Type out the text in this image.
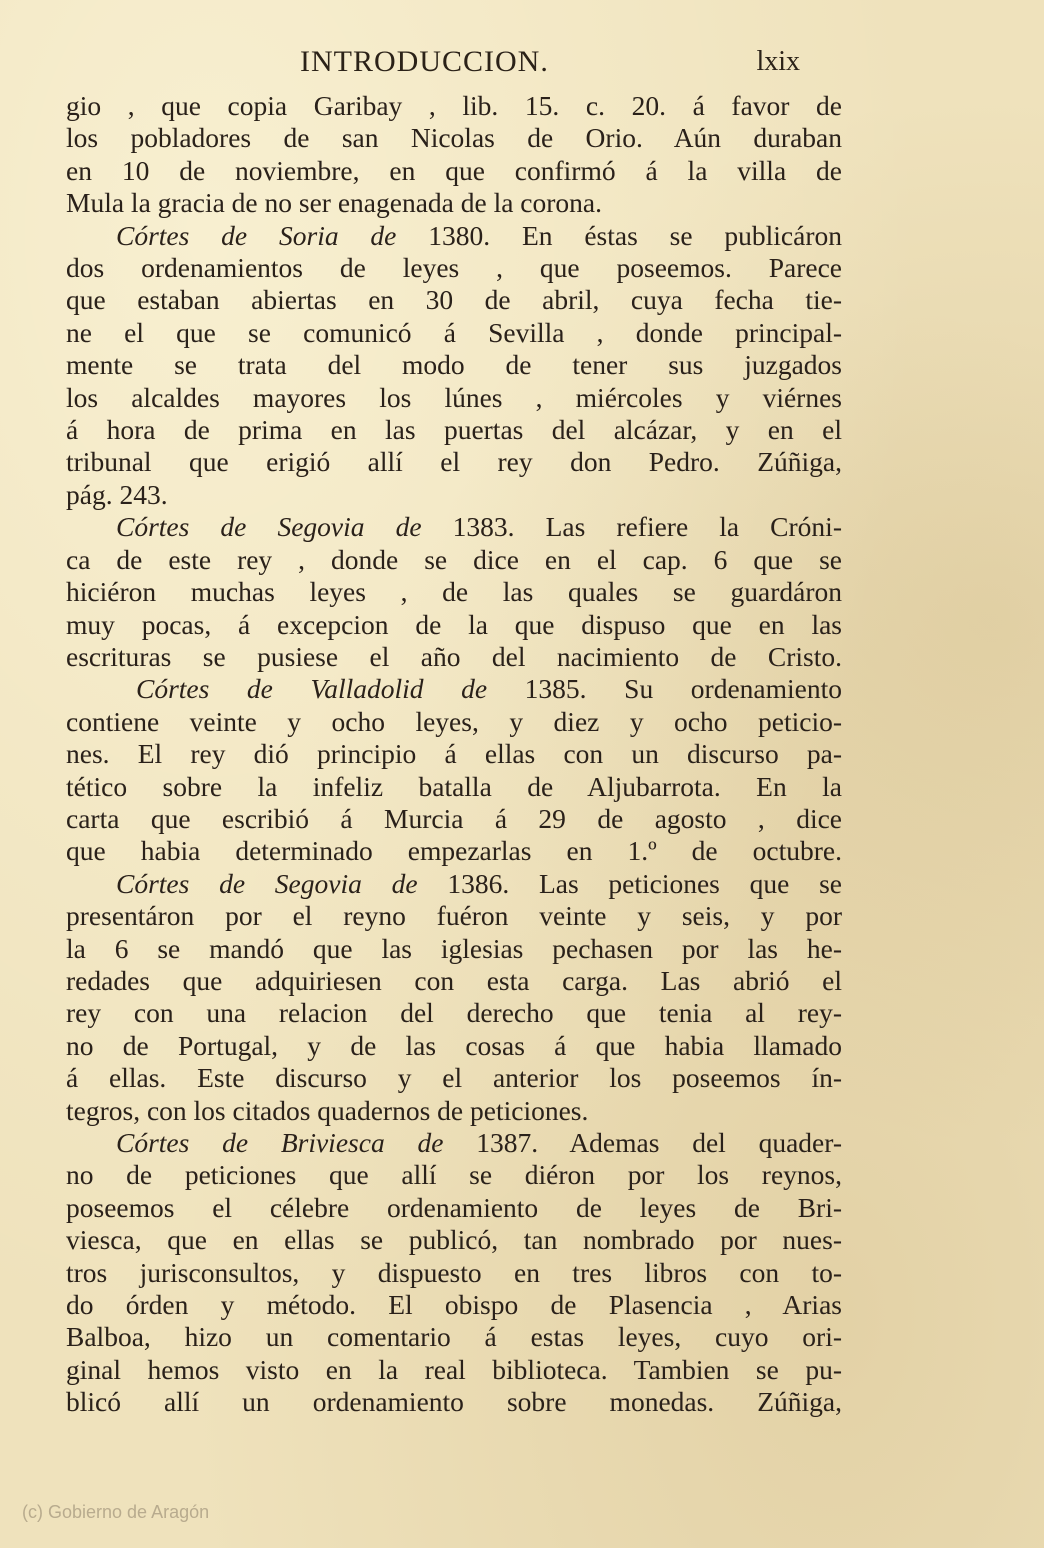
INTRODUCCION.	lxix
gio , que copia Garibay , lib. 15. c. 20. á favor de
los pobladores de san Nicolas de Orio. Aún duraban
en 10 de noviembre, en que confirmó á la villa de
Mula la gracia de no ser enagenada de la corona.
Córtes de Soria de 1380. En éstas se publicáron
dos ordenamientos de leyes , que poseemos. Parece
que estaban abiertas en 30 de abril, cuya fecha tie-
ne el que se comunicó á Sevilla , donde principal-
mente se trata del modo de tener sus juzgados
los alcaldes mayores los lúnes , miércoles y viérnes
á hora de prima en las puertas del alcázar, y en el
tribunal que erigió allí el rey don Pedro. Zúñiga,
pág. 243.
Córtes de Segovia de 1383. Las refiere la Cróni-
ca de este rey , donde se dice en el cap. 6 que se
hiciéron muchas leyes , de las quales se guardáron
muy pocas, á excepcion de la que dispuso que en las
escrituras se pusiese el año del nacimiento de Cristo.
Córtes de Valladolid de 1385. Su ordenamiento
contiene veinte y ocho leyes, y diez y ocho peticio-
nes. El rey dió principio á ellas con un discurso pa-
tético sobre la infeliz batalla de Aljubarrota. En la
carta que escribió á Murcia á 29 de agosto , dice
que habia determinado empezarlas en 1.º de octubre.
Córtes de Segovia de 1386. Las peticiones que se
presentáron por el reyno fuéron veinte y seis, y por
la 6 se mandó que las iglesias pechasen por las he-
redades que adquiriesen con esta carga. Las abrió el
rey con una relacion del derecho que tenia al rey-
no de Portugal, y de las cosas á que habia llamado
á ellas. Este discurso y el anterior los poseemos ín-
tegros, con los citados quadernos de peticiones.
Córtes de Briviesca de 1387. Ademas del quader-
no de peticiones que allí se diéron por los reynos,
poseemos el célebre ordenamiento de leyes de Bri-
viesca, que en ellas se publicó, tan nombrado por nues-
tros jurisconsultos, y dispuesto en tres libros con to-
do órden y método. El obispo de Plasencia , Arias
Balboa, hizo un comentario á estas leyes, cuyo ori-
ginal hemos visto en la real biblioteca. Tambien se pu-
blicó allí un ordenamiento sobre monedas. Zúñiga,
(c) Gobierno de Aragón
